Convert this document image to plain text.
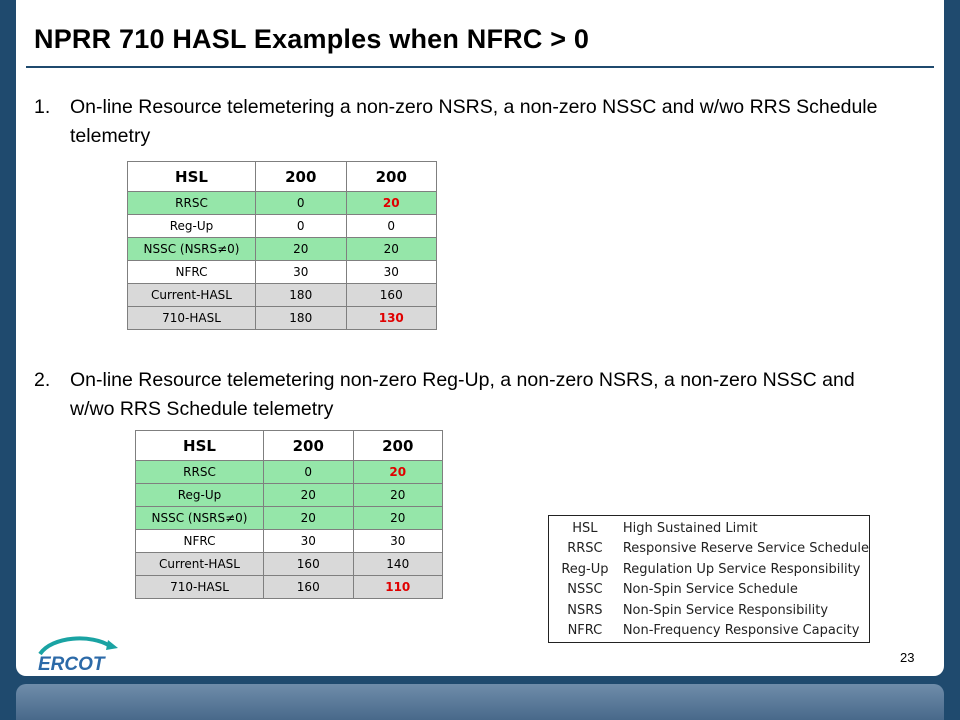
NPRR 710 HASL Examples when NFRC > 0
1. On-line Resource telemetering a non-zero NSRS, a non-zero NSSC and w/wo RRS Schedule telemetry
HSL	200	200
RRSC	0	20
Reg-Up	0	0
NSSC (NSRS≠0)	20	20
NFRC	30	30
Current-HASL	180	160
710-HASL	180	130
2. On-line Resource telemetering non-zero Reg-Up, a non-zero NSRS, a non-zero NSSC and w/wo RRS Schedule telemetry
HSL	200	200
RRSC	0	20
Reg-Up	20	20
NSSC (NSRS≠0)	20	20
NFRC	30	30
Current-HASL	160	140
710-HASL	160	110
HSL	High Sustained Limit
RRSC	Responsive Reserve Service Schedule
Reg-Up	Regulation Up Service Responsibility
NSSC	Non-Spin Service Schedule
NSRS	Non-Spin Service Responsibility
NFRC	Non-Frequency Responsive Capacity
ERCOT	23
